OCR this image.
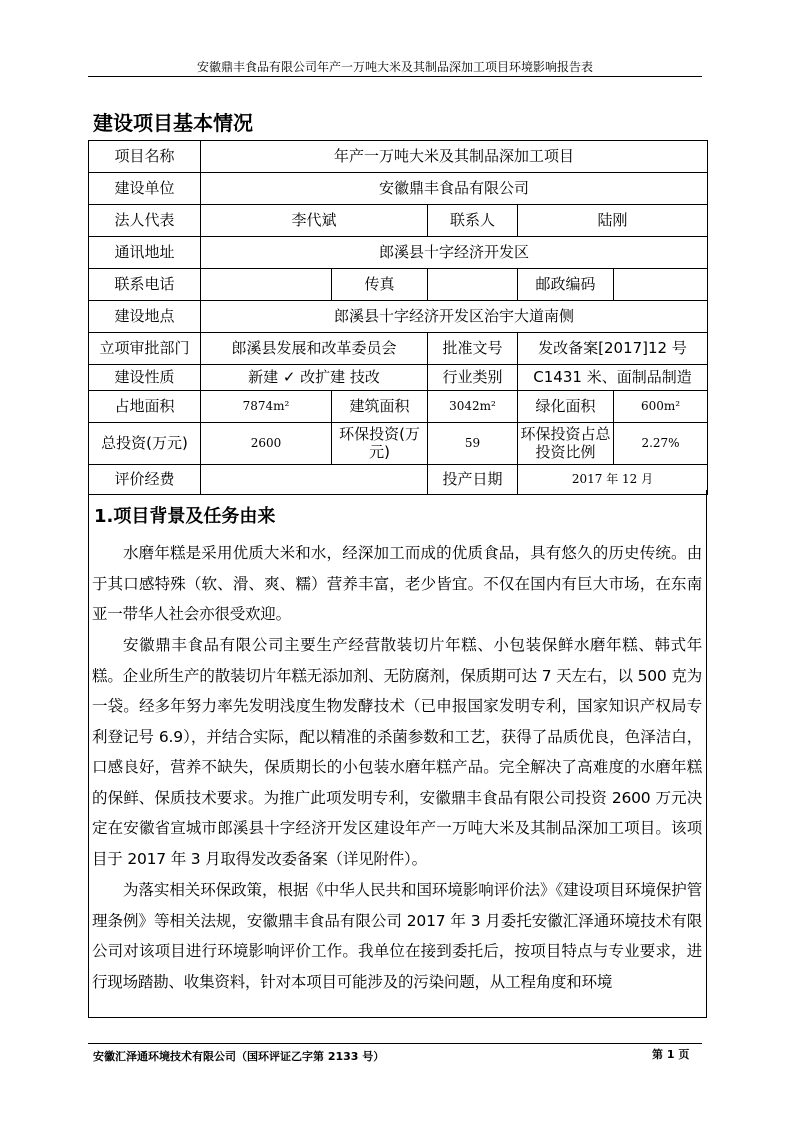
安徽鼎丰食品有限公司年产一万吨大米及其制品深加工项目环境影响报告表
建设项目基本情况
项目名称	年产一万吨大米及其制品深加工项目				
建设单位	安徽鼎丰食品有限公司				
法人代表	李代斌		联系人	陆刚	
通讯地址	郎溪县十字经济开发区				
联系电话		传真		邮政编码	
建设地点	郎溪县十字经济开发区治宇大道南侧				
立项审批部门	郎溪县发展和改革委员会		批准文号	发改备案[2017]12 号	
建设性质	新建 ✓ 改扩建 技改		行业类别	C1431 米、面制品制造	
占地面积	7874m²	建筑面积	3042m²	绿化面积	600m²
总投资(万元)	2600	环保投资(万元)	59	环保投资占总投资比例	2.27%
评价经费			投产日期	2017 年 12 月	
1.项目背景及任务由来
水磨年糕是采用优质大米和水，经深加工而成的优质食品，具有悠久的历史传统。由于其口感特殊（软、滑、爽、糯）营养丰富，老少皆宜。不仅在国内有巨大市场，在东南亚一带华人社会亦很受欢迎。
安徽鼎丰食品有限公司主要生产经营散装切片年糕、小包装保鲜水磨年糕、韩式年糕。企业所生产的散装切片年糕无添加剂、无防腐剂，保质期可达 7 天左右，以 500 克为一袋。经多年努力率先发明浅度生物发酵技术（已申报国家发明专利，国家知识产权局专利登记号 6.9），并结合实际，配以精准的杀菌参数和工艺，获得了品质优良，色泽洁白，口感良好，营养不缺失，保质期长的小包装水磨年糕产品。完全解决了高难度的水磨年糕的保鲜、保质技术要求。为推广此项发明专利，安徽鼎丰食品有限公司投资 2600 万元决定在安徽省宣城市郎溪县十字经济开发区建设年产一万吨大米及其制品深加工项目。该项目于 2017 年 3 月取得发改委备案（详见附件）。
为落实相关环保政策，根据《中华人民共和国环境影响评价法》《建设项目环境保护管理条例》等相关法规，安徽鼎丰食品有限公司 2017 年 3 月委托安徽汇泽通环境技术有限公司对该项目进行环境影响评价工作。我单位在接到委托后，按项目特点与专业要求，进行现场踏勘、收集资料，针对本项目可能涉及的污染问题，从工程角度和环境
安徽汇泽通环境技术有限公司（国环评证乙字第 2133 号）	第 1 页
